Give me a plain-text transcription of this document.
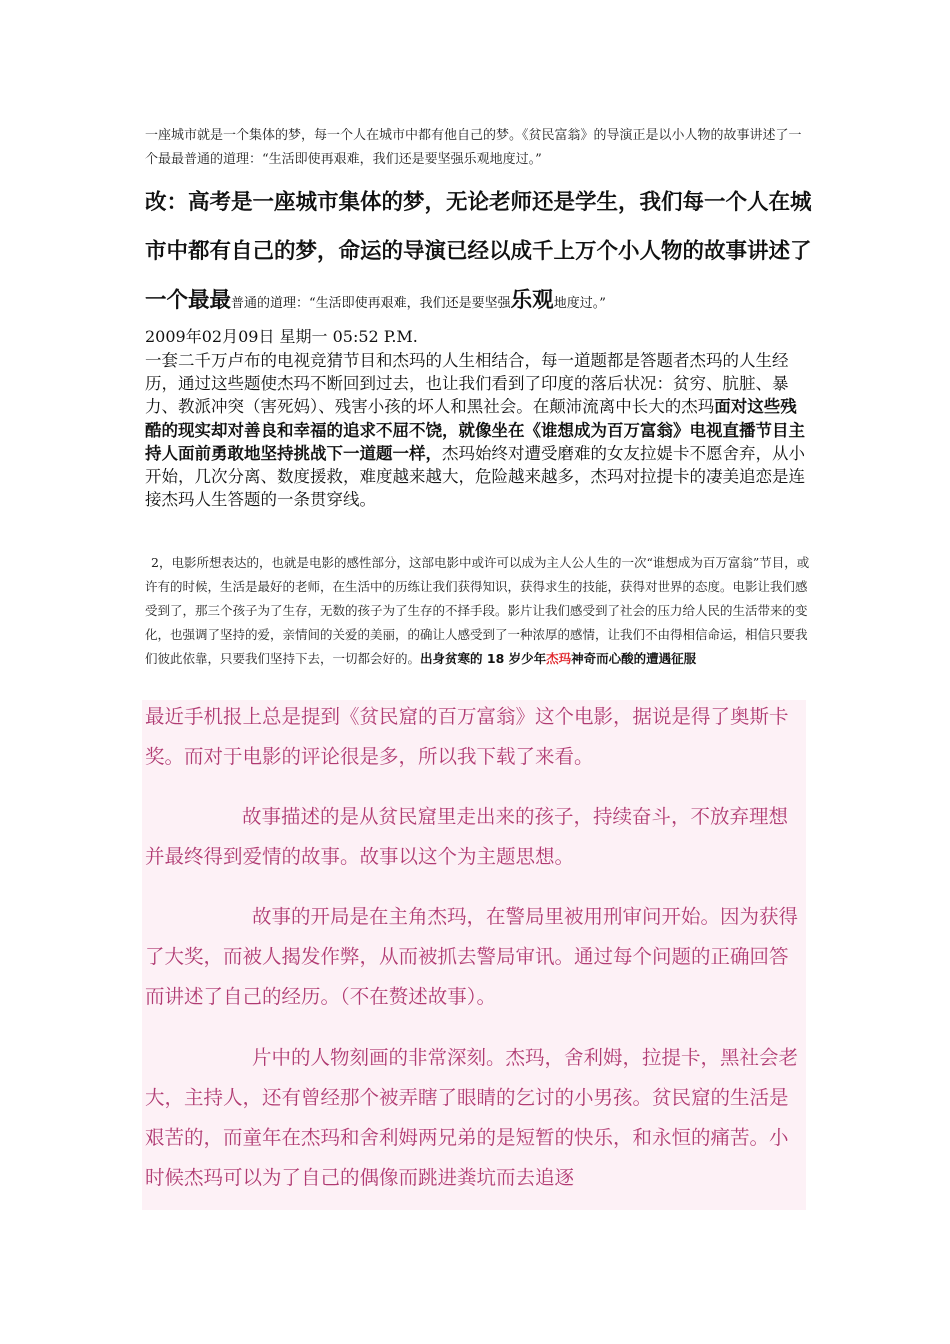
一座城市就是一个集体的梦，每一个人在城市中都有他自己的梦。《贫民富翁》的导演正是以小人物的故事讲述了一个最最普通的道理：“生活即使再艰难，我们还是要坚强乐观地度过。”
改：高考是一座城市集体的梦，无论老师还是学生，我们每一个人在城市中都有自己的梦，命运的导演已经以成千上万个小人物的故事讲述了一个最最普通的道理：“生活即使再艰难，我们还是要坚强乐观地度过。”
2009年02月09日 星期一 05:52 P.M.
一套二千万卢布的电视竞猜节目和杰玛的人生相结合，每一道题都是答题者杰玛的人生经历，通过这些题使杰玛不断回到过去，也让我们看到了印度的落后状况：贫穷、肮脏、暴力、教派冲突（害死妈）、残害小孩的坏人和黑社会。在颠沛流离中长大的杰玛面对这些残酷的现实却对善良和幸福的追求不屈不饶，就像坐在《谁想成为百万富翁》电视直播节目主持人面前勇敢地坚持挑战下一道题一样，杰玛始终对遭受磨难的女友拉媞卡不愿舍弃，从小开始，几次分离、数度援救，难度越来越大，危险越来越多，杰玛对拉提卡的凄美追恋是连接杰玛人生答题的一条贯穿线。
2，电影所想表达的，也就是电影的感性部分，这部电影中或许可以成为主人公人生的一次“谁想成为百万富翁”节目，或许有的时候，生活是最好的老师，在生活中的历练让我们获得知识，获得求生的技能，获得对世界的态度。电影让我们感受到了，那三个孩子为了生存，无数的孩子为了生存的不择手段。影片让我们感受到了社会的压力给人民的生活带来的变化，也强调了坚持的爱，亲情间的关爱的美丽，的确让人感受到了一种浓厚的感情，让我们不由得相信命运，相信只要我们彼此依靠，只要我们坚持下去，一切都会好的。出身贫寒的 18 岁少年杰玛神奇而心酸的遭遇征服
最近手机报上总是提到《贫民窟的百万富翁》这个电影，据说是得了奥斯卡奖。而对于电影的评论很是多，所以我下载了来看。
故事描述的是从贫民窟里走出来的孩子，持续奋斗，不放弃理想并最终得到爱情的故事。故事以这个为主题思想。
故事的开局是在主角杰玛，在警局里被用刑审问开始。因为获得了大奖，而被人揭发作弊，从而被抓去警局审讯。通过每个问题的正确回答而讲述了自己的经历。（不在赘述故事）。
片中的人物刻画的非常深刻。杰玛，舍利姆，拉提卡，黑社会老大，主持人，还有曾经那个被弄瞎了眼睛的乞讨的小男孩。贫民窟的生活是艰苦的，而童年在杰玛和舍利姆两兄弟的是短暂的快乐，和永恒的痛苦。小时候杰玛可以为了自己的偶像而跳进粪坑而去追逐
